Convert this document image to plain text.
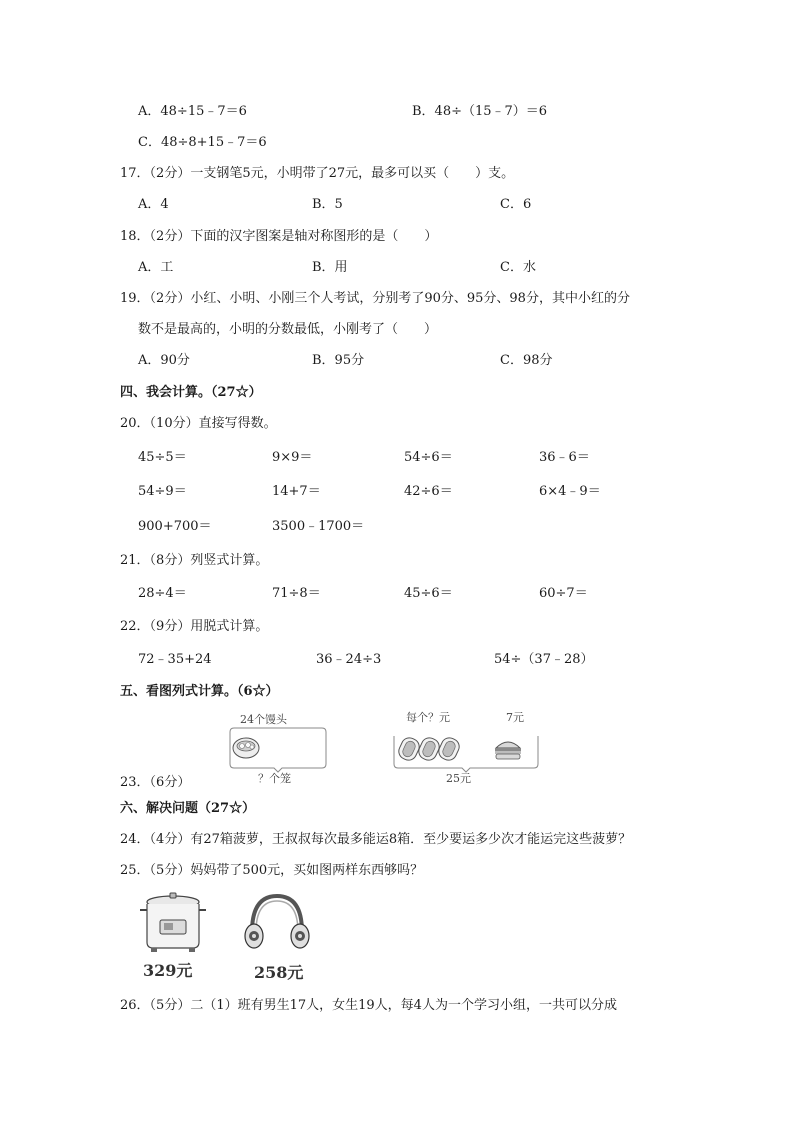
A．48÷15﹣7＝6	B．48÷（15﹣7）＝6
C．48÷8+15﹣7＝6
17．（2分）一支钢笔5元，小明带了27元，最多可以买（　　）支。
A．4	B．5	C．6
18．（2分）下面的汉字图案是轴对称图形的是（　　）
A．工	B．用	C．水
19．（2分）小红、小明、小刚三个人考试，分别考了90分、95分、98分，其中小红的分
数不是最高的，小明的分数最低，小刚考了（　　）
A．90分	B．95分	C．98分
四、我会计算。（27☆）
20．（10分）直接写得数。
45÷5＝	9×9＝	54÷6＝	36﹣6＝
54÷9＝	14+7＝	42÷6＝	6×4﹣9＝
900+700＝	3500﹣1700＝
21．（8分）列竖式计算。
28÷4＝	71÷8＝	45÷6＝	60÷7＝
22．（9分）用脱式计算。
72﹣35+24	36﹣24÷3	54÷（37﹣28）
五、看图列式计算。（6☆）
24个馒头
？个笼
每个？元	7元
25元
23．（6分）
六、解决问题（27☆）
24．（4分）有27箱菠萝，王叔叔每次最多能运8箱．至少要运多少次才能运完这些菠萝？
25．（5分）妈妈带了500元，买如图两样东西够吗？
329元	258元
26．（5分）二（1）班有男生17人，女生19人，每4人为一个学习小组，一共可以分成
